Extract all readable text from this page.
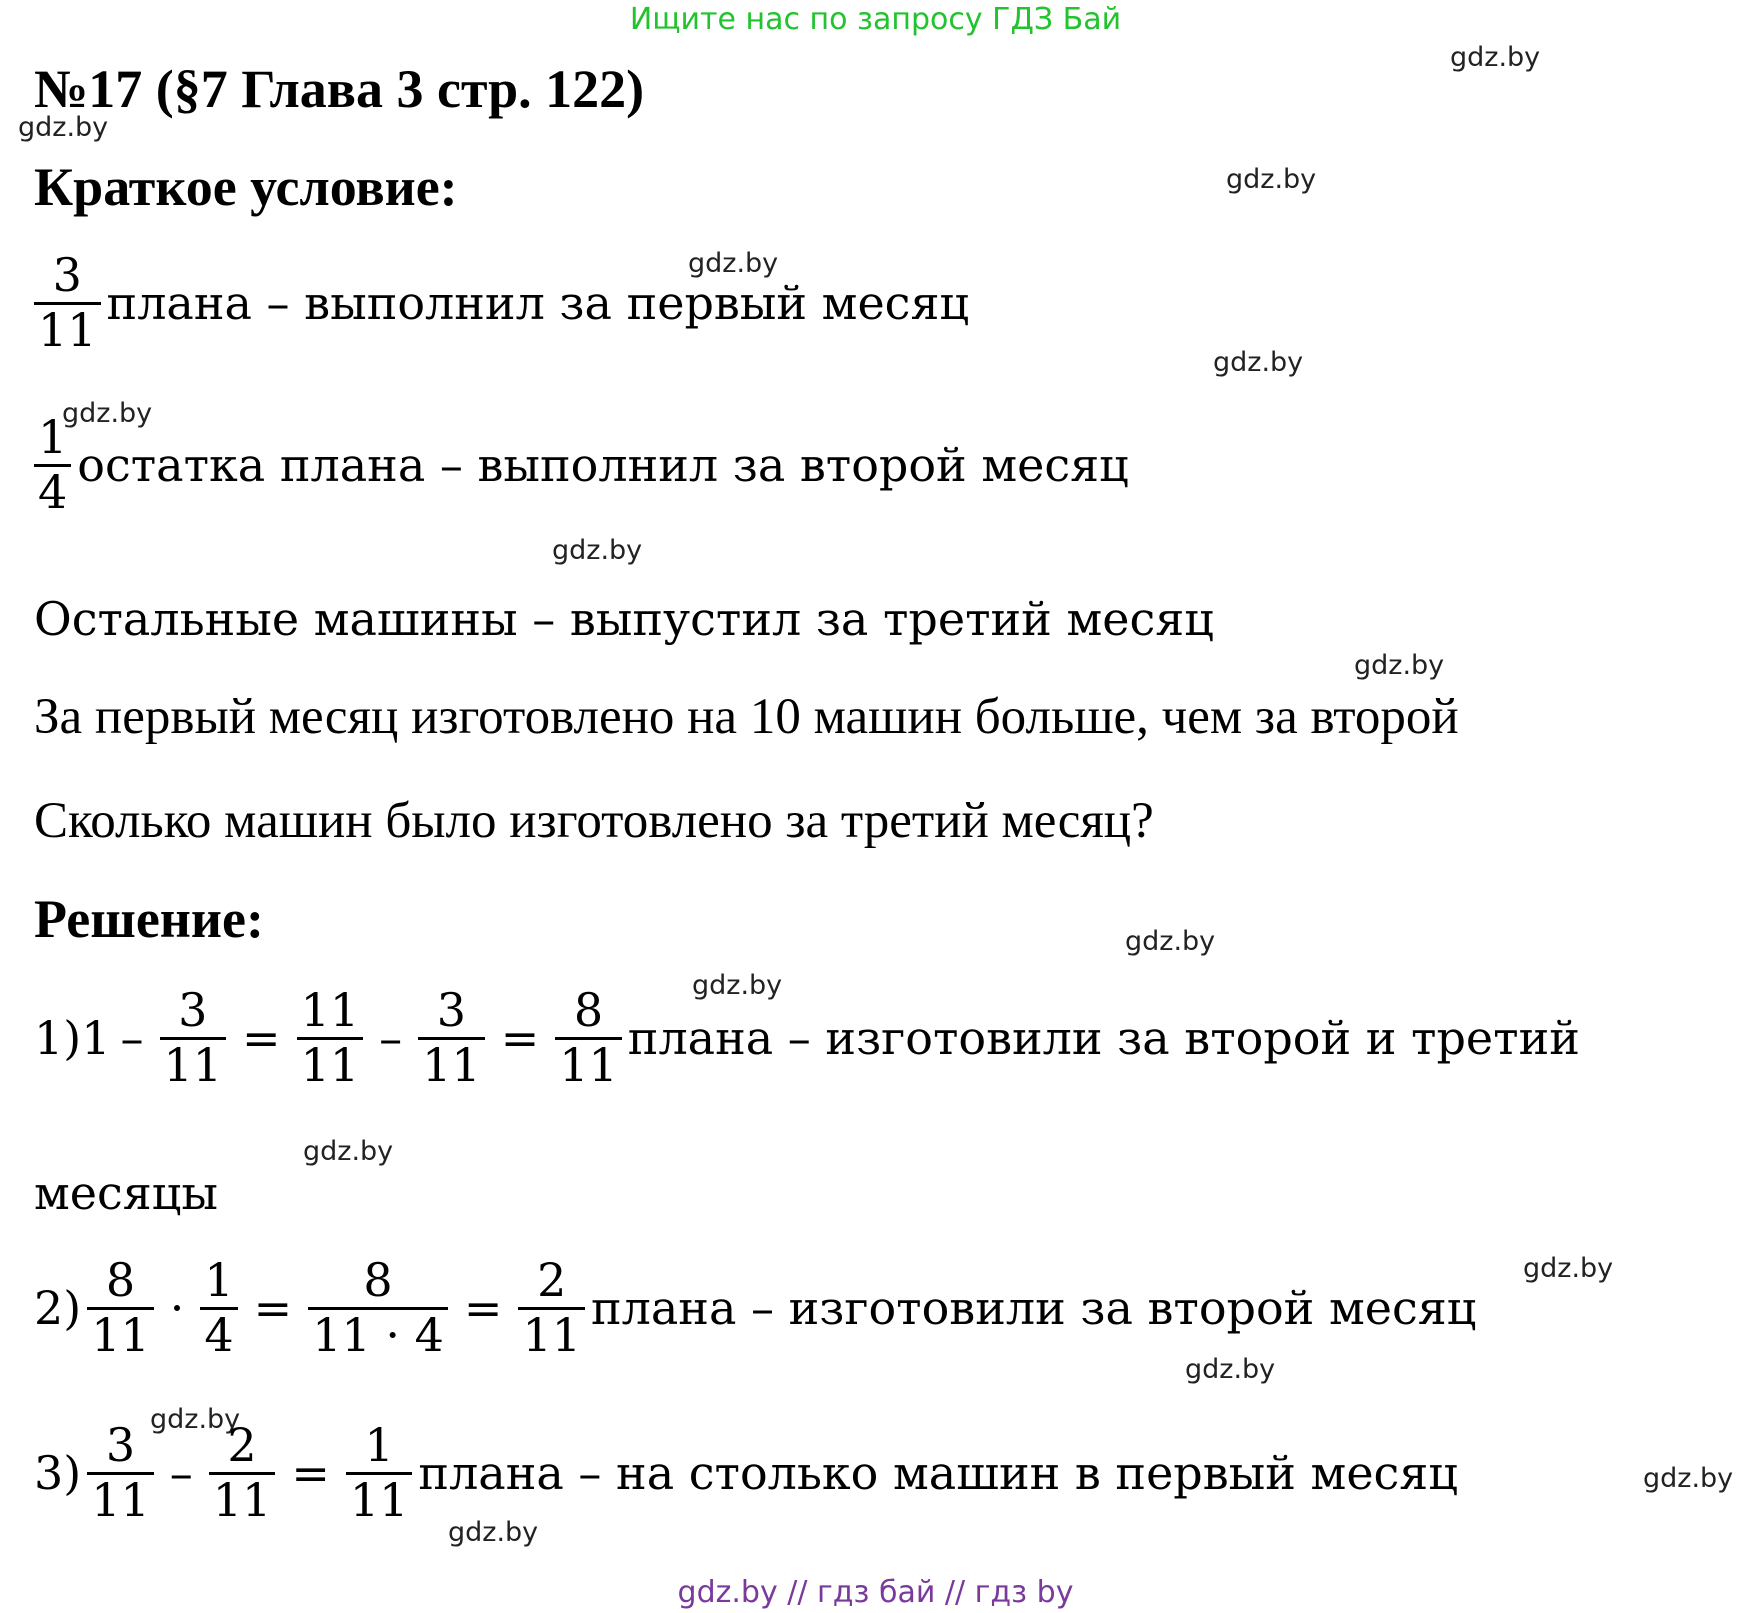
Ищите нас по запросу ГДЗ Бай
gdz.by
gdz.by
gdz.by
gdz.by
gdz.by
gdz.by
gdz.by
gdz.by
gdz.by
gdz.by
gdz.by
gdz.by
gdz.by
gdz.by
gdz.by
gdz.by
№17 (§7 Глава 3 стр. 122)
Краткое условие:
$\frac{3}{11}$ плана – выполнил за первый месяц
$\frac{1}{4}$ остатка плана – выполнил за второй месяц
Остальные машины – выпустил за третий месяц
За первый месяц изготовлено на 10 машин больше, чем за второй
Сколько машин было изготовлено за третий месяц?
Решение:
1) $1 - \frac{3}{11} = \frac{11}{11} - \frac{3}{11} = \frac{8}{11}$ плана – изготовили за второй и третий
месяцы
$2) \frac{8}{11} \cdot \frac{1}{4} = \frac{8}{11 \cdot 4} = \frac{2}{11}$ плана – изготовили за второй месяц
$3) \frac{3}{11} - \frac{2}{11} = \frac{1}{11}$ плана – на столько машин в первый месяц
gdz.by // гдз бай // гдз by
